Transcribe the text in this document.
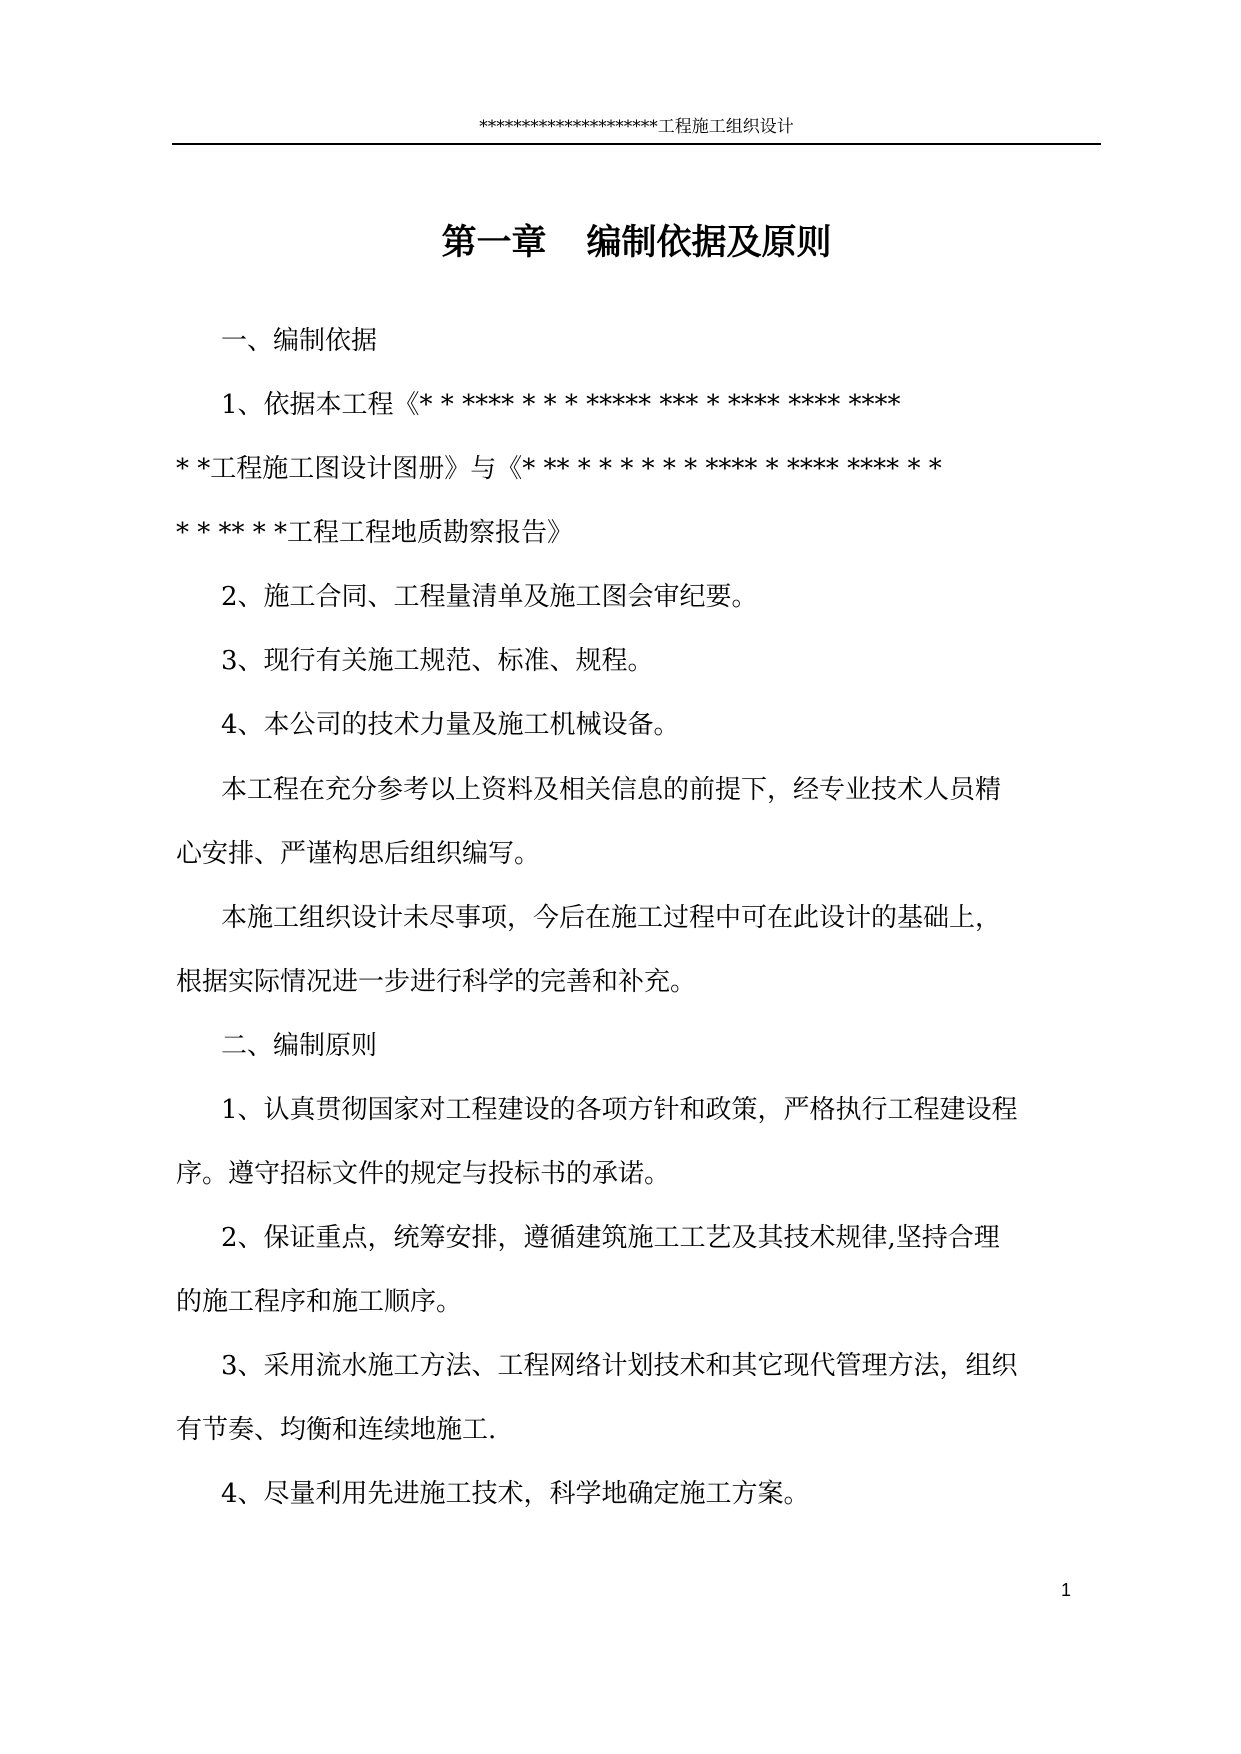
*********************工程施工组织设计
第一章 编制依据及原则

一、编制依据

1、依据本工程《* * **** * * * ***** *** * **** **** ****

* *工程施工图设计图册》与《* ** * * * * * * **** * **** **** * *

* * ** * *工程工程地质勘察报告》

2、施工合同、工程量清单及施工图会审纪要。

3、现行有关施工规范、标准、规程。

4、本公司的技术力量及施工机械设备。

本工程在充分参考以上资料及相关信息的前提下，经专业技术人员精

心安排、严谨构思后组织编写。

本施工组织设计未尽事项，今后在施工过程中可在此设计的基础上，

根据实际情况进一步进行科学的完善和补充。

二、编制原则

1、认真贯彻国家对工程建设的各项方针和政策，严格执行工程建设程

序。遵守招标文件的规定与投标书的承诺。

2、保证重点，统筹安排，遵循建筑施工工艺及其技术规律,坚持合理

的施工程序和施工顺序。

3、采用流水施工方法、工程网络计划技术和其它现代管理方法，组织

有节奏、均衡和连续地施工.

4、尽量利用先进施工技术，科学地确定施工方案。

1
